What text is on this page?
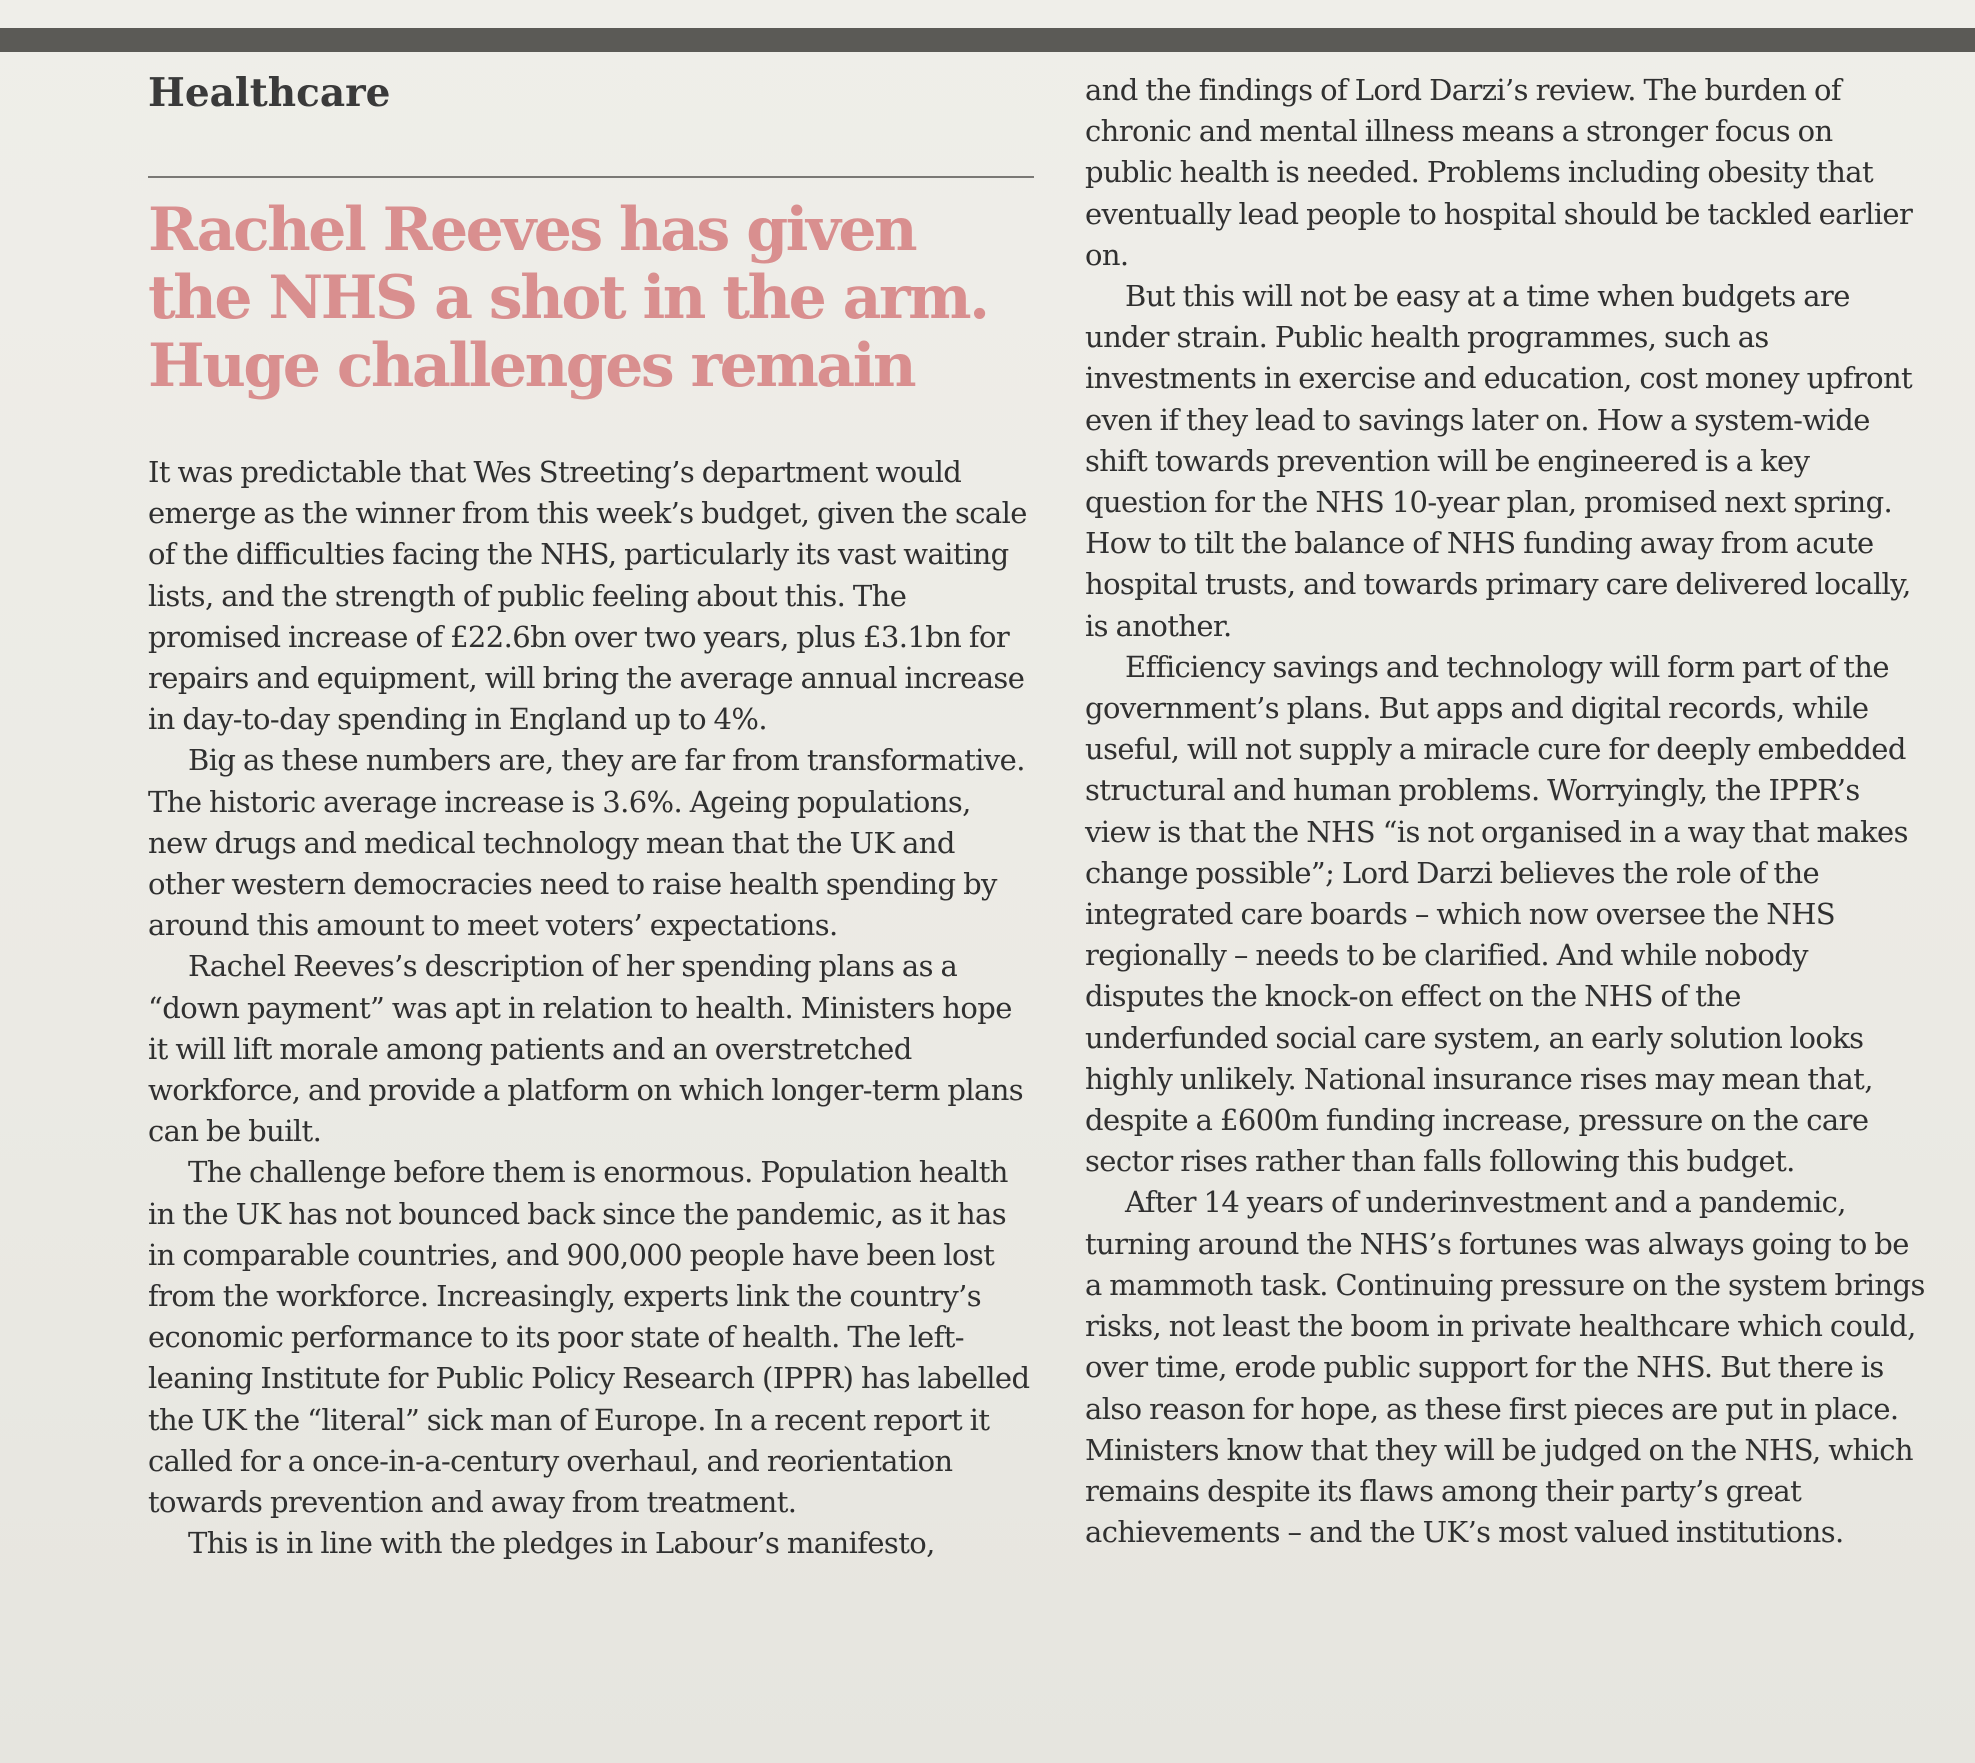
Healthcare
Rachel Reeves has given the NHS a shot in the arm. Huge challenges remain

It was predictable that Wes Streeting’s department would emerge as the winner from this week’s budget, given the scale of the difficulties facing the NHS, particularly its vast waiting lists, and the strength of public feeling about this. The promised increase of £22.6bn over two years, plus £3.1bn for repairs and equipment, will bring the average annual increase in day-to-day spending in England up to 4%.

Big as these numbers are, they are far from transformative. The historic average increase is 3.6%. Ageing populations, new drugs and medical technology mean that the UK and other western democracies need to raise health spending by around this amount to meet voters’ expectations.

Rachel Reeves’s description of her spending plans as a “down payment” was apt in relation to health. Ministers hope it will lift morale among patients and an overstretched workforce, and provide a platform on which longer-term plans can be built.

The challenge before them is enormous. Population health in the UK has not bounced back since the pandemic, as it has in comparable countries, and 900,000 people have been lost from the workforce. Increasingly, experts link the country’s economic performance to its poor state of health. The left-leaning Institute for Public Policy Research (IPPR) has labelled the UK the “literal” sick man of Europe. In a recent report it called for a once-in-a-century overhaul, and reorientation towards prevention and away from treatment.

This is in line with the pledges in Labour’s manifesto,

and the findings of Lord Darzi’s review. The burden of chronic and mental illness means a stronger focus on public health is needed. Problems including obesity that eventually lead people to hospital should be tackled earlier on.

But this will not be easy at a time when budgets are under strain. Public health programmes, such as investments in exercise and education, cost money upfront even if they lead to savings later on. How a system-wide shift towards prevention will be engineered is a key question for the NHS 10-year plan, promised next spring. How to tilt the balance of NHS funding away from acute hospital trusts, and towards primary care delivered locally, is another.

Efficiency savings and technology will form part of the government’s plans. But apps and digital records, while useful, will not supply a miracle cure for deeply embedded structural and human problems. Worryingly, the IPPR’s view is that the NHS “is not organised in a way that makes change possible”; Lord Darzi believes the role of the integrated care boards – which now oversee the NHS regionally – needs to be clarified. And while nobody disputes the knock-on effect on the NHS of the underfunded social care system, an early solution looks highly unlikely. National insurance rises may mean that, despite a £600m funding increase, pressure on the care sector rises rather than falls following this budget.

After 14 years of underinvestment and a pandemic, turning around the NHS’s fortunes was always going to be a mammoth task. Continuing pressure on the system brings risks, not least the boom in private healthcare which could, over time, erode public support for the NHS. But there is also reason for hope, as these first pieces are put in place. Ministers know that they will be judged on the NHS, which remains despite its flaws among their party’s great achievements – and the UK’s most valued institutions.
